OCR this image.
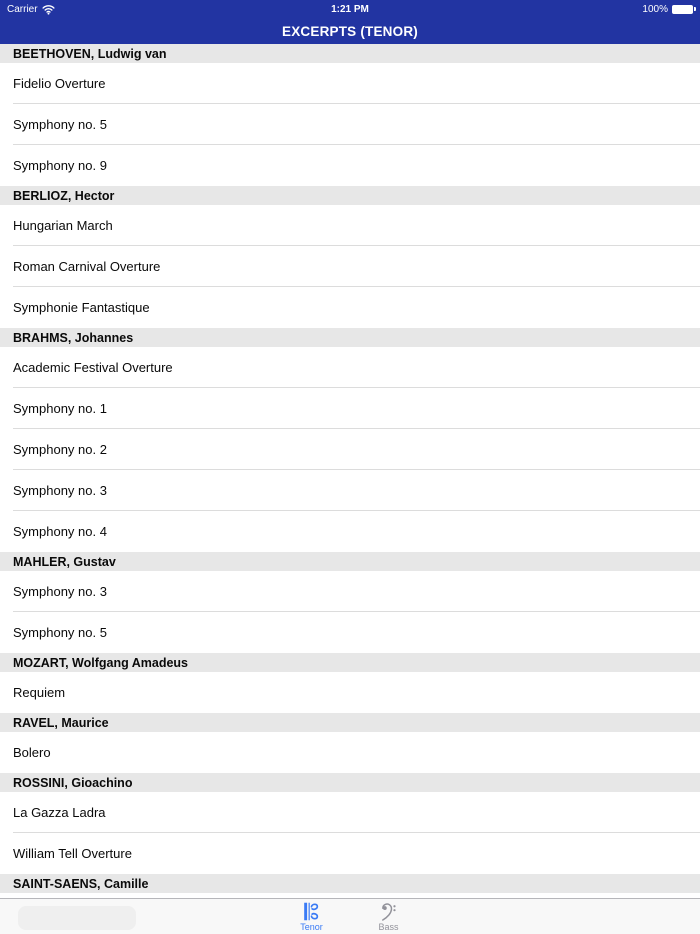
Carrier	1:21 PM	100%
EXCERPTS (TENOR)
BEETHOVEN, Ludwig van
Fidelio Overture
Symphony no. 5
Symphony no. 9
BERLIOZ, Hector
Hungarian March
Roman Carnival Overture
Symphonie Fantastique
BRAHMS, Johannes
Academic Festival Overture
Symphony no. 1
Symphony no. 2
Symphony no. 3
Symphony no. 4
MAHLER, Gustav
Symphony no. 3
Symphony no. 5
MOZART, Wolfgang Amadeus
Requiem
RAVEL, Maurice
Bolero
ROSSINI, Gioachino
La Gazza Ladra
William Tell Overture
SAINT-SAENS, Camille
Tenor	Bass
